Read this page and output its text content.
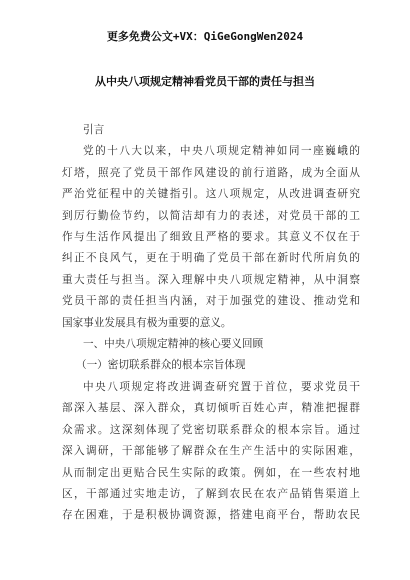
更多免费公文+VX：QiGeGongWen2024
从中央八项规定精神看党员干部的责任与担当
引言
党的十八大以来，中央八项规定精神如同一座巍峨的
灯塔，照亮了党员干部作风建设的前行道路，成为全面从
严治党征程中的关键指引。这八项规定，从改进调查研究
到厉行勤俭节约，以简洁却有力的表述，对党员干部的工
作与生活作风提出了细致且严格的要求。其意义不仅在于
纠正不良风气，更在于明确了党员干部在新时代所肩负的
重大责任与担当。深入理解中央八项规定精神，从中洞察
党员干部的责任担当内涵，对于加强党的建设、推动党和
国家事业发展具有极为重要的意义。
一、中央八项规定精神的核心要义回顾
（一）密切联系群众的根本宗旨体现
中央八项规定将改进调查研究置于首位，要求党员干
部深入基层、深入群众，真切倾听百姓心声，精准把握群
众需求。这深刻体现了党密切联系群众的根本宗旨。通过
深入调研，干部能够了解群众在生产生活中的实际困难，
从而制定出更贴合民生实际的政策。例如，在一些农村地
区，干部通过实地走访，了解到农民在农产品销售渠道上
存在困难，于是积极协调资源，搭建电商平台，帮助农民
